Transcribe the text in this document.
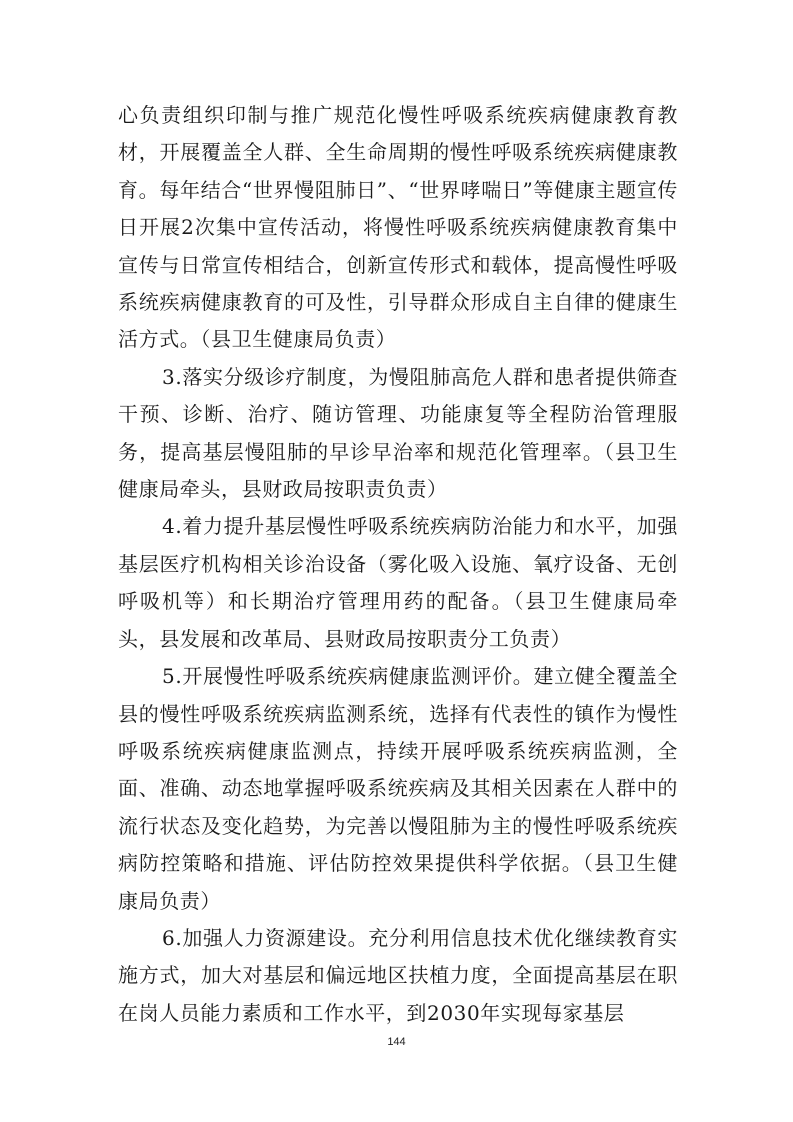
心负责组织印制与推广规范化慢性呼吸系统疾病健康教育教材，开展覆盖全人群、全生命周期的慢性呼吸系统疾病健康教育。每年结合“世界慢阻肺日”、“世界哮喘日”等健康主题宣传日开展2次集中宣传活动，将慢性呼吸系统疾病健康教育集中宣传与日常宣传相结合，创新宣传形式和载体，提高慢性呼吸系统疾病健康教育的可及性，引导群众形成自主自律的健康生活方式。（县卫生健康局负责）

3.落实分级诊疗制度，为慢阻肺高危人群和患者提供筛查干预、诊断、治疗、随访管理、功能康复等全程防治管理服务，提高基层慢阻肺的早诊早治率和规范化管理率。（县卫生健康局牵头，县财政局按职责负责）

4.着力提升基层慢性呼吸系统疾病防治能力和水平，加强基层医疗机构相关诊治设备（雾化吸入设施、氧疗设备、无创呼吸机等）和长期治疗管理用药的配备。（县卫生健康局牵头，县发展和改革局、县财政局按职责分工负责）

5.开展慢性呼吸系统疾病健康监测评价。建立健全覆盖全县的慢性呼吸系统疾病监测系统，选择有代表性的镇作为慢性呼吸系统疾病健康监测点，持续开展呼吸系统疾病监测，全面、准确、动态地掌握呼吸系统疾病及其相关因素在人群中的流行状态及变化趋势，为完善以慢阻肺为主的慢性呼吸系统疾病防控策略和措施、评估防控效果提供科学依据。（县卫生健康局负责）

6.加强人力资源建设。充分利用信息技术优化继续教育实施方式，加大对基层和偏远地区扶植力度，全面提高基层在职在岗人员能力素质和工作水平，到2030年实现每家基层

144
